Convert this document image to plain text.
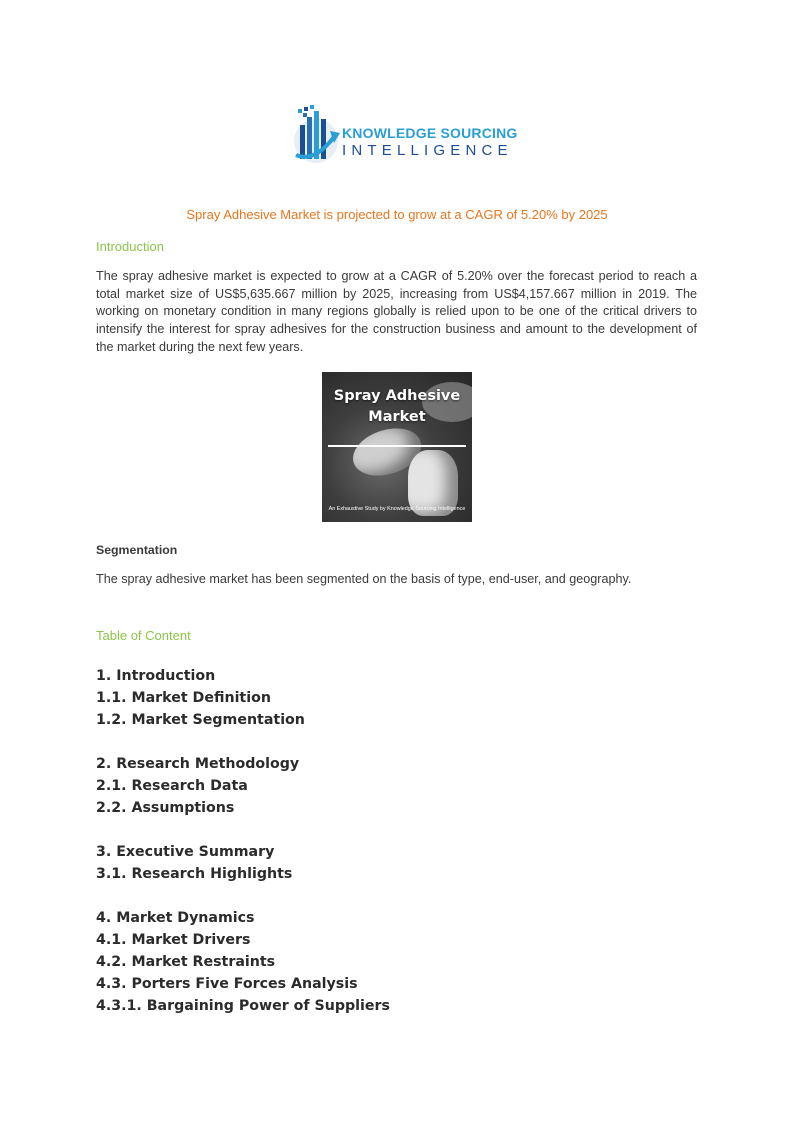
KNOWLEDGE SOURCING
INTELLIGENCE
Spray Adhesive Market is projected to grow at a CAGR of 5.20% by 2025
Introduction
The spray adhesive market is expected to grow at a CAGR of 5.20% over the forecast period to reach a total market size of US$5,635.667 million by 2025, increasing from US$4,157.667 million in 2019. The working on monetary condition in many regions globally is relied upon to be one of the critical drivers to intensify the interest for spray adhesives for the construction business and amount to the development of the market during the next few years.
Spray Adhesive Market
An Exhaustive Study by Knowledge Sourcing Intelligence
Segmentation
The spray adhesive market has been segmented on the basis of type, end-user, and geography.
Table of Content
1. Introduction
1.1. Market Definition
1.2. Market Segmentation
2. Research Methodology
2.1. Research Data
2.2. Assumptions
3. Executive Summary
3.1. Research Highlights
4. Market Dynamics
4.1. Market Drivers
4.2. Market Restraints
4.3. Porters Five Forces Analysis
4.3.1. Bargaining Power of Suppliers
